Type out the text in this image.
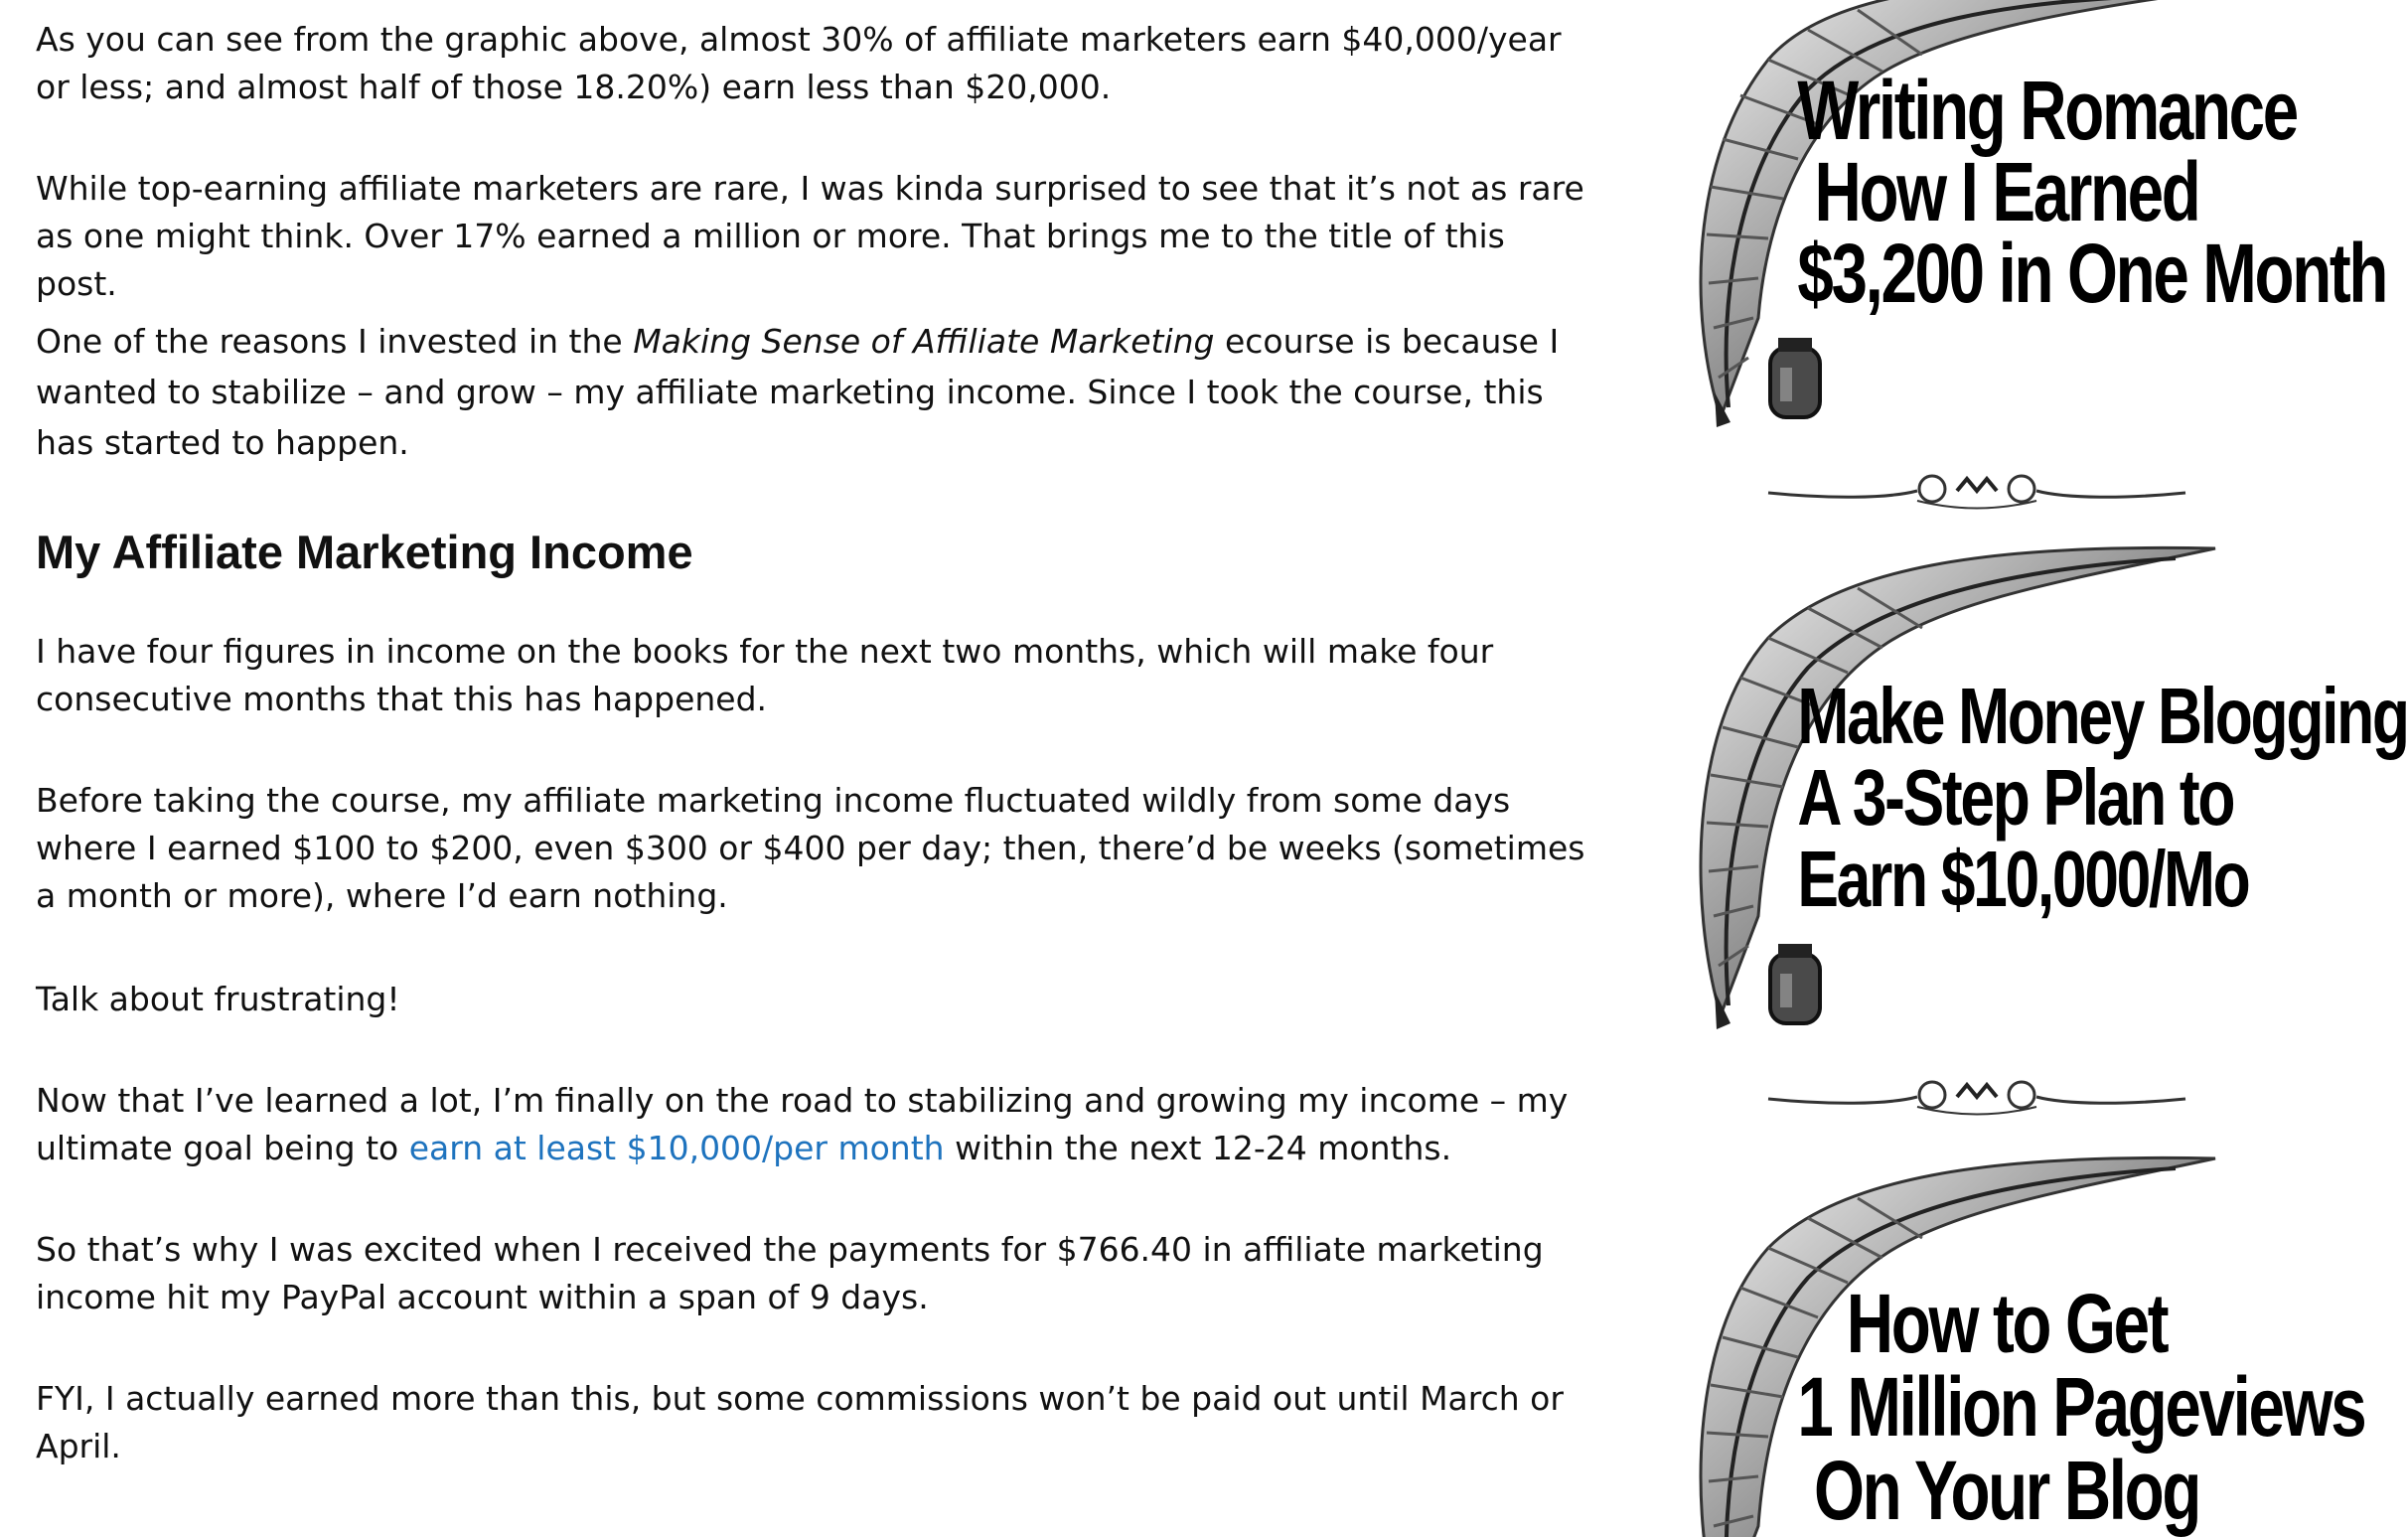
As you can see from the graphic above, almost 30% of affiliate marketers earn $40,000/year or less; and almost half of those 18.20%) earn less than $20,000.

While top-earning affiliate marketers are rare, I was kinda surprised to see that it’s not as rare as one might think. Over 17% earned a million or more. That brings me to the title of this post.

One of the reasons I invested in the Making Sense of Affiliate Marketing ecourse is because I wanted to stabilize – and grow – my affiliate marketing income. Since I took the course, this has started to happen.

My Affiliate Marketing Income

I have four figures in income on the books for the next two months, which will make four consecutive months that this has happened.

Before taking the course, my affiliate marketing income fluctuated wildly from some days where I earned $100 to $200, even $300 or $400 per day; then, there’d be weeks (sometimes a month or more), where I’d earn nothing.

Talk about frustrating!

Now that I’ve learned a lot, I’m finally on the road to stabilizing and growing my income – my ultimate goal being to earn at least $10,000/per month within the next 12-24 months.

So that’s why I was excited when I received the payments for $766.40 in affiliate marketing income hit my PayPal account within a span of 9 days.

FYI, I actually earned more than this, but some commissions won’t be paid out until March or April.

Writing Romance
How I Earned
$3,200 in One Month
Make Money Blogging
A 3-Step Plan to
Earn $10,000/Mo
How to Get
1 Million Pageviews
On Your Blog
